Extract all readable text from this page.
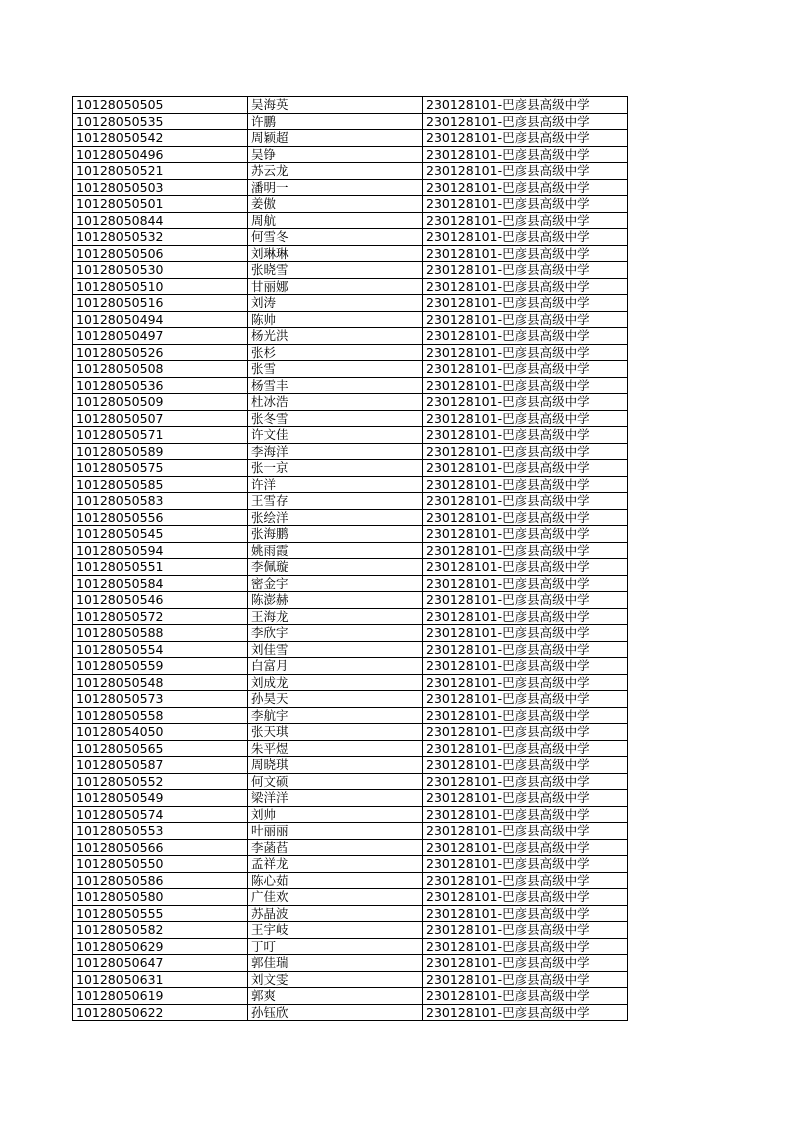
10128050505	吴海英	230128101-巴彦县高级中学
10128050535	许鹏	230128101-巴彦县高级中学
10128050542	周颖超	230128101-巴彦县高级中学
10128050496	吴铮	230128101-巴彦县高级中学
10128050521	苏云龙	230128101-巴彦县高级中学
10128050503	潘明一	230128101-巴彦县高级中学
10128050501	姜傲	230128101-巴彦县高级中学
10128050844	周航	230128101-巴彦县高级中学
10128050532	何雪冬	230128101-巴彦县高级中学
10128050506	刘琳琳	230128101-巴彦县高级中学
10128050530	张晓雪	230128101-巴彦县高级中学
10128050510	甘丽娜	230128101-巴彦县高级中学
10128050516	刘涛	230128101-巴彦县高级中学
10128050494	陈帅	230128101-巴彦县高级中学
10128050497	杨光洪	230128101-巴彦县高级中学
10128050526	张杉	230128101-巴彦县高级中学
10128050508	张雪	230128101-巴彦县高级中学
10128050536	杨雪丰	230128101-巴彦县高级中学
10128050509	杜冰浩	230128101-巴彦县高级中学
10128050507	张冬雪	230128101-巴彦县高级中学
10128050571	许文佳	230128101-巴彦县高级中学
10128050589	李海洋	230128101-巴彦县高级中学
10128050575	张一京	230128101-巴彦县高级中学
10128050585	许洋	230128101-巴彦县高级中学
10128050583	王雪存	230128101-巴彦县高级中学
10128050556	张绘洋	230128101-巴彦县高级中学
10128050545	张海鹏	230128101-巴彦县高级中学
10128050594	姚雨霞	230128101-巴彦县高级中学
10128050551	李佩璇	230128101-巴彦县高级中学
10128050584	密金宇	230128101-巴彦县高级中学
10128050546	陈澎赫	230128101-巴彦县高级中学
10128050572	王海龙	230128101-巴彦县高级中学
10128050588	李欣宇	230128101-巴彦县高级中学
10128050554	刘佳雪	230128101-巴彦县高级中学
10128050559	白富月	230128101-巴彦县高级中学
10128050548	刘成龙	230128101-巴彦县高级中学
10128050573	孙昊天	230128101-巴彦县高级中学
10128050558	李航宇	230128101-巴彦县高级中学
10128054050	张天琪	230128101-巴彦县高级中学
10128050565	朱平煜	230128101-巴彦县高级中学
10128050587	周晓琪	230128101-巴彦县高级中学
10128050552	何文硕	230128101-巴彦县高级中学
10128050549	梁洋洋	230128101-巴彦县高级中学
10128050574	刘帅	230128101-巴彦县高级中学
10128050553	叶丽丽	230128101-巴彦县高级中学
10128050566	李菡萏	230128101-巴彦县高级中学
10128050550	孟祥龙	230128101-巴彦县高级中学
10128050586	陈心茹	230128101-巴彦县高级中学
10128050580	广佳欢	230128101-巴彦县高级中学
10128050555	苏晶波	230128101-巴彦县高级中学
10128050582	王宇岐	230128101-巴彦县高级中学
10128050629	丁叮	230128101-巴彦县高级中学
10128050647	郭佳瑞	230128101-巴彦县高级中学
10128050631	刘文雯	230128101-巴彦县高级中学
10128050619	郭爽	230128101-巴彦县高级中学
10128050622	孙钰欣	230128101-巴彦县高级中学
